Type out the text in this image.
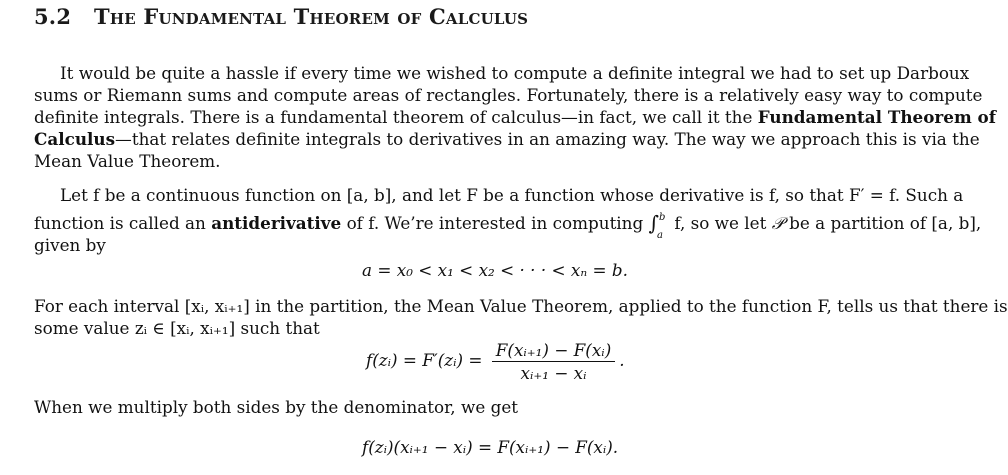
5.2 The Fundamental Theorem of Calculus
It would be quite a hassle if every time we wished to compute a definite integral we had to set up Darboux
sums or Riemann sums and compute areas of rectangles. Fortunately, there is a relatively easy way to compute
definite integrals. There is a fundamental theorem of calculus—in fact, we call it the Fundamental Theorem of
Calculus—that relates definite integrals to derivatives in an amazing way. The way we approach this is via the
Mean Value Theorem.
Let f be a continuous function on [a, b], and let F be a function whose derivative is f, so that F′ = f. Such a
function is called an antiderivative of f. We’re interested in computing ∫ b
a
f, so we let 𝒫 be a partition of [a, b],
given by
a = x₀ < x₁ < x₂ < · · · < xₙ = b.
For each interval [xᵢ, xᵢ₊₁] in the partition, the Mean Value Theorem, applied to the function F, tells us that there is
some value zᵢ ∈ [xᵢ, xᵢ₊₁] such that
f(zᵢ) = F′(zᵢ) = $\frac{\text{F(xᵢ₊₁) − F(xᵢ)}}{\text{xᵢ₊₁ − xᵢ}}$ .
When we multiply both sides by the denominator, we get
f(zᵢ)(xᵢ₊₁ − xᵢ) = F(xᵢ₊₁) − F(xᵢ).
